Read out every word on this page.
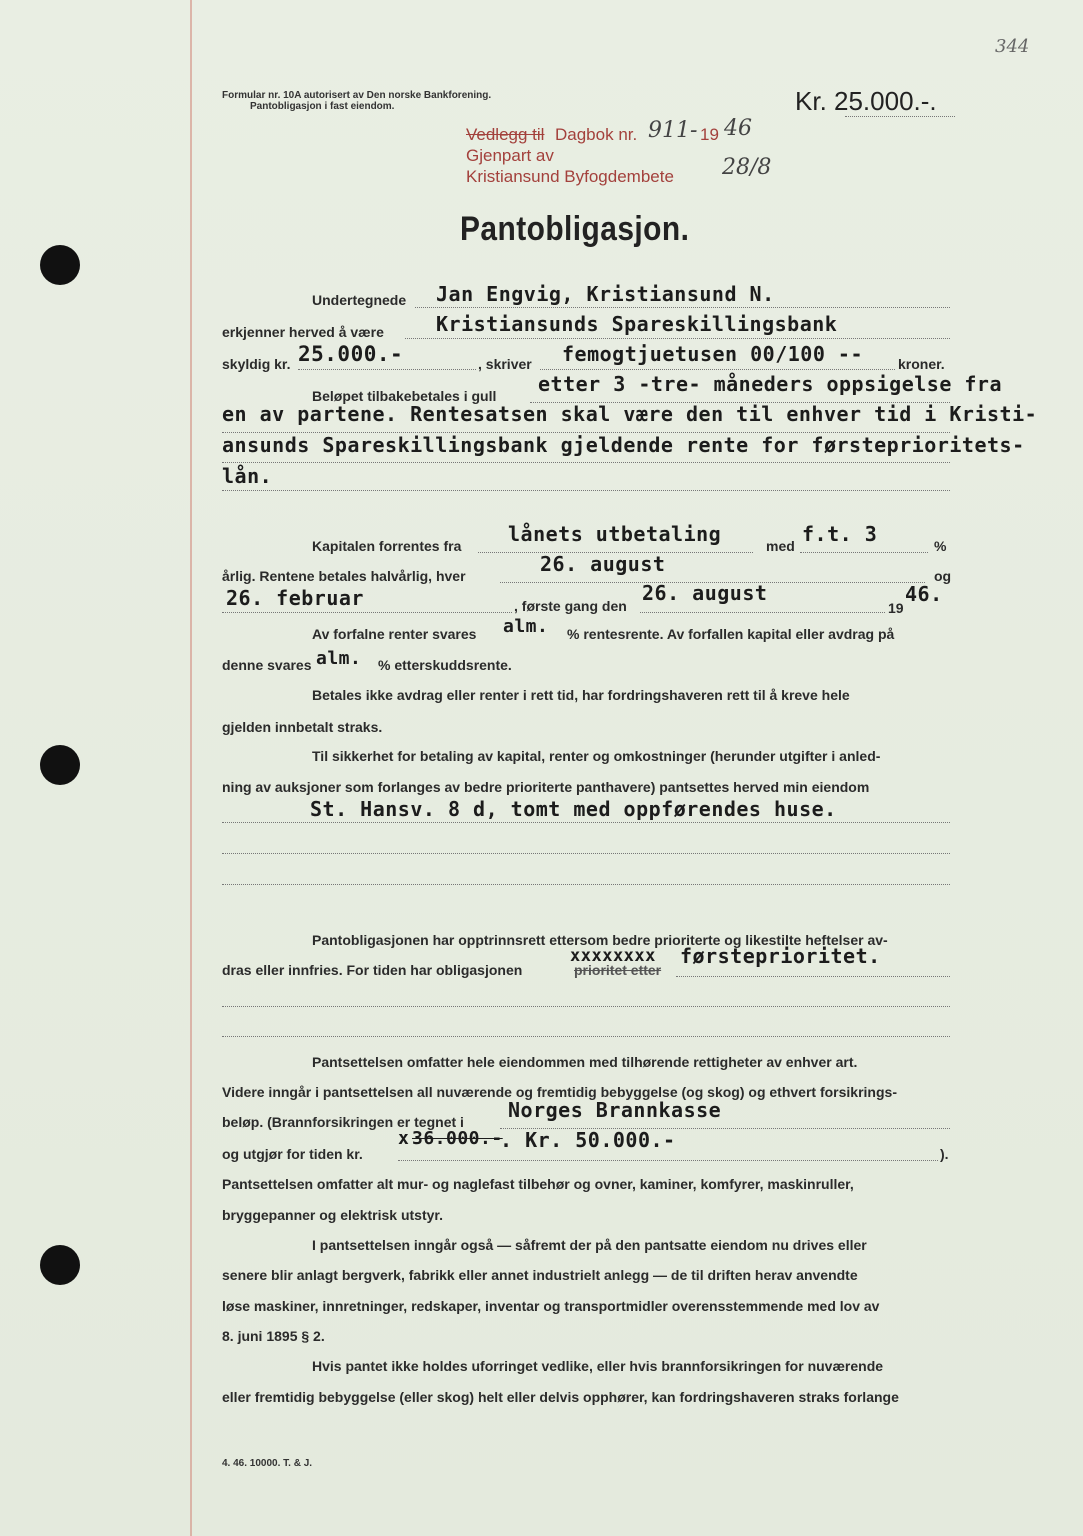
344
Formular nr. 10A autorisert av Den norske Bankforening.
Pantobligasjon i fast eiendom.	Kr. 25.000.-.
Vedlegg til Dagbok nr. 911- 19 46
Gjenpart av
Kristiansund Byfogdembete 28/8
Pantobligasjon.
Undertegnede Jan Engvig, Kristiansund N.
erkjenner herved å være	Kristiansunds Spareskillingsbank
skyldig kr. 25.000.-	, skriver femogtjuetusen 00/100 --	kroner.
Beløpet tilbakebetales i gull etter 3 -tre- måneders oppsigelse fra
en av partene. Rentesatsen skal være den til enhver tid i Kristi-
ansunds Spareskillingsbank gjeldende rente for førsteprioritets-
lån.
Kapitalen forrentes fra lånets utbetaling	med f.t. 3	%
årlig. Rentene betales halvårlig, hver	26. august	og
26. februar	, første gang den
26. august
19
46.
Av forfalne renter svares alm. % rentesrente. Av forfallen kapital eller avdrag på
denne svares alm. % etterskuddsrente.
Betales ikke avdrag eller renter i rett tid, har fordringshaveren rett til å kreve hele
gjelden innbetalt straks.
Til sikkerhet for betaling av kapital, renter og omkostninger (herunder utgifter i anled-
ning av auksjoner som forlanges av bedre prioriterte panthavere) pantsettes herved min eiendom
St. Hansv. 8 d, tomt med oppførendes huse.
Pantobligasjonen har opptrinnsrett ettersom bedre prioriterte og likestilte heftelser av-
dras eller innfries. For tiden har obligasjonen	prioritet etter
xxxxxxxx førsteprioritet.
Pantsettelsen omfatter hele eiendommen med tilhørende rettigheter av enhver art.
Videre inngår i pantsettelsen all nuværende og fremtidig bebyggelse (og skog) og ethvert forsikrings-
beløp. (Brannforsikringen er tegnet i Norges Brannkasse
og utgjør for tiden kr.
x 36.000.-
. Kr. 50.000.-
).
Pantsettelsen omfatter alt mur- og naglefast tilbehør og ovner, kaminer, komfyrer, maskinruller,
bryggepanner og elektrisk utstyr.
I pantsettelsen inngår også — såfremt der på den pantsatte eiendom nu drives eller
senere blir anlagt bergverk, fabrikk eller annet industrielt anlegg — de til driften herav anvendte
løse maskiner, innretninger, redskaper, inventar og transportmidler overensstemmende med lov av
8. juni 1895 § 2.
Hvis pantet ikke holdes uforringet vedlike, eller hvis brannforsikringen for nuværende
eller fremtidig bebyggelse (eller skog) helt eller delvis opphører, kan fordringshaveren straks forlange
4. 46. 10000. T. & J.
